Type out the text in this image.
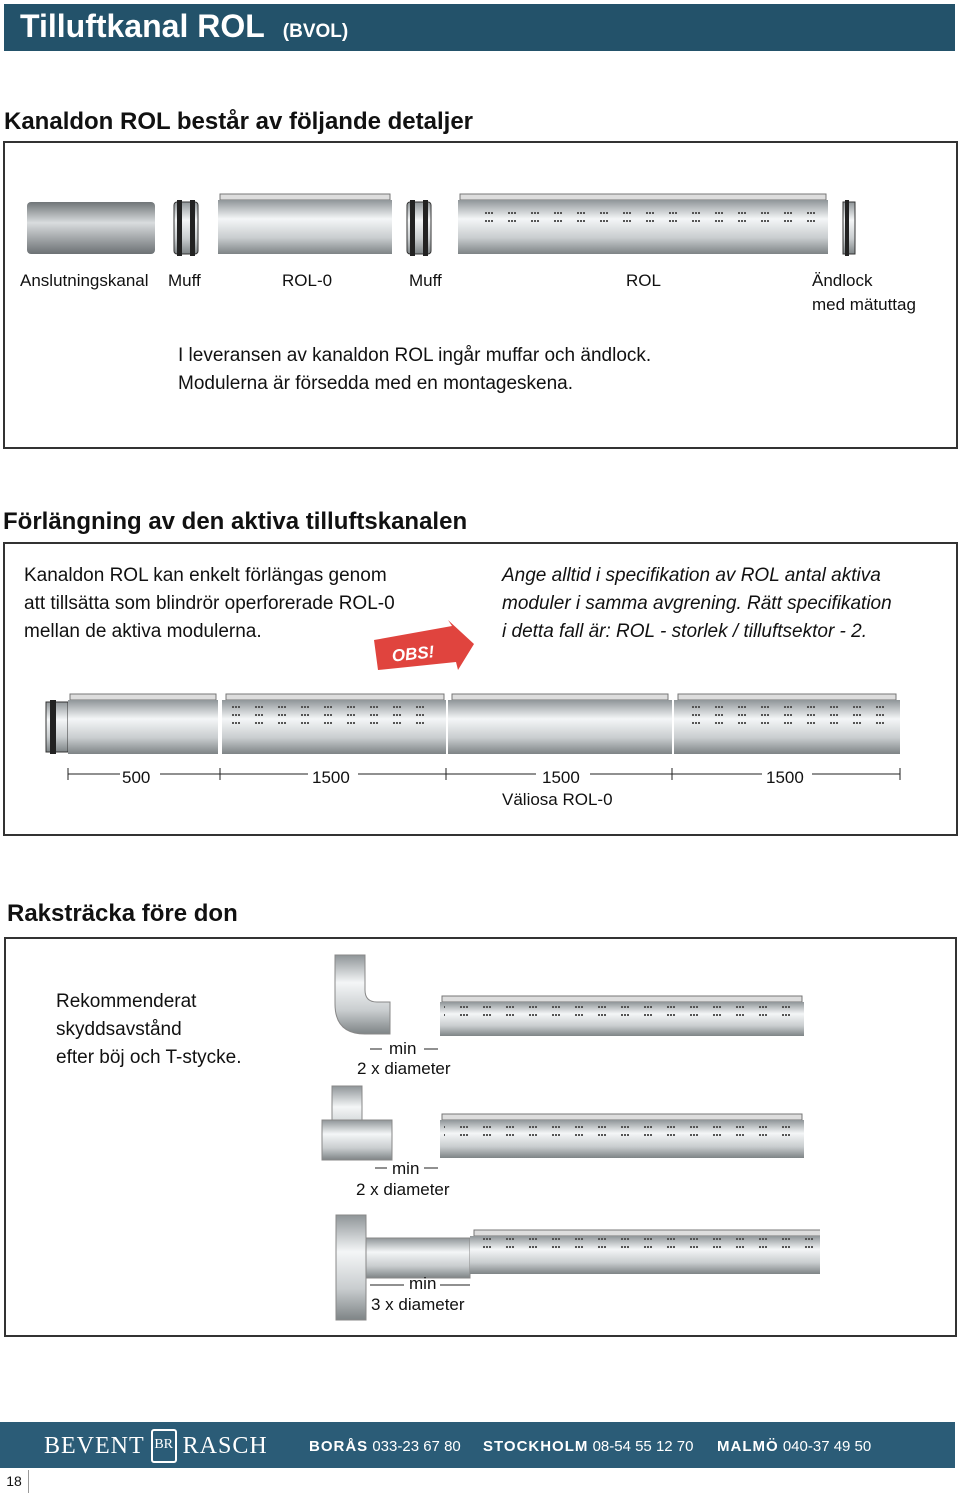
Tilluftkanal ROL (BVOL)
Kanaldon ROL består av följande detaljer
Anslutningskanal Muff	ROL-0	Muff	ROL	Ändlock
med mätuttag
I leveransen av kanaldon ROL ingår muffar och ändlock.
Modulerna är försedda med en montageskena.
Förlängning av den aktiva tilluftskanalen
Kanaldon ROL kan enkelt förlängas genom
att tillsätta som blindrör operforerade ROL-0
mellan de aktiva modulerna.
OBS!
Ange alltid i specifikation av ROL antal aktiva
moduler i samma avgrening. Rätt specifikation
i detta fall är: ROL - storlek / tilluftsektor - 2.
500	1500	1500	1500
Väliosa ROL-0
Raksträcka före don
Rekommenderat
skyddsavstånd
efter böj och T-stycke.	min
2 x diameter
min
2 x diameter
min
3 x diameter
BEVENT BR RASCH	BORÅS 033-23 67 80 STOCKHOLM 08-54 55 12 70 MALMÖ 040-37 49 50
18
